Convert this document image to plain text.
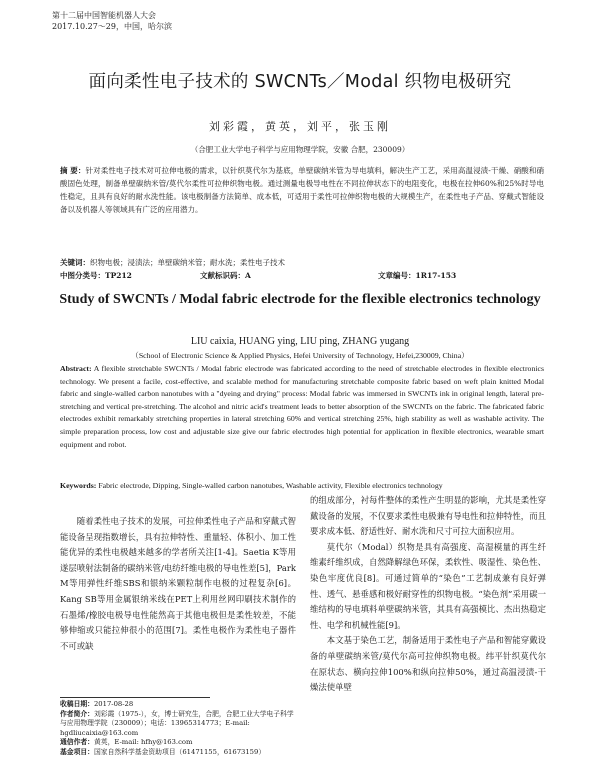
第十二届中国智能机器人大会
2017.10.27～29，中国，哈尔滨
面向柔性电子技术的 SWCNTs／Modal 织物电极研究
刘彩霞，黄英，刘平，张玉刚
（合肥工业大学电子科学与应用物理学院，安徽 合肥，230009）
摘 要：针对柔性电子技术对可拉伸电极的需求，以针织莫代尔为基底，单壁碳纳米管为导电填料，解决生产工艺，采用高温浸渍-干燥、硝酸和硝酸固色处理，制备单壁碳纳米管/莫代尔柔性可拉伸织物电极。通过测量电极导电性在不同拉伸状态下的电阻变化，电极在拉伸60%和25%时导电性稳定，且具有良好的耐水洗性能。该电极制备方法简单、成本低，可适用于柔性可拉伸织物电极的大规模生产，在柔性电子产品、穿戴式智能设备以及机器人等领域具有广泛的应用潜力。
关键词：织物电极；浸渍法；单壁碳纳米管；耐水洗；柔性电子技术
中图分类号：TP212	文献标识码：A	文章编号：1R17-153
Study of SWCNTs / Modal fabric electrode for the flexible electronics technology
LIU caixia, HUANG ying, LIU ping, ZHANG yugang
（School of Electronic Science & Applied Physics, Hefei University of Technology, Hefei,230009, China）
Abstract: A flexible stretchable SWCNTs / Modal fabric electrode was fabricated according to the need of stretchable electrodes in flexible electronics technology. We present a facile, cost-effective, and scalable method for manufacturing stretchable composite fabric based on weft plain knitted Modal fabric and single-walled carbon nanotubes with a "dyeing and drying" process: Modal fabric was immersed in SWCNTs ink in original length, lateral pre-stretching and vertical pre-stretching. The alcohol and nitric acid's treatment leads to better absorption of the SWCNTs on the fabric. The fabricated fabric electrodes exhibit remarkably stretching properties in lateral stretching 60% and vertical stretching 25%, high stability as well as washable activity. The simple preparation process, low cost and adjustable size give our fabric electrodes high potential for application in flexible electronics, wearable smart equipment and robot.
Keywords: Fabric electrode, Dipping, Single-walled carbon nanotubes, Washable activity, Flexible electronics technology

随着柔性电子技术的发展，可拉伸柔性电子产品和穿戴式智能设备呈现指数增长，具有拉伸特性、重量轻、体积小、加工性能优异的柔性电极越来越多的学者所关注[1-4]。Saetia K等用遂层喷射法制备的碳纳米管/电纺纤维电极的导电性差[5]，Park M等用弹性纤维SBS和银纳米颗粒制作电极的过程复杂[6]。Kang SB等用金属银纳米线在PET上利用丝网印刷技术制作的石墨烯/橡胶电极导电性能然高于其他电极但是柔性较差，不能够伸缩或只能拉伸很小的范围[7]。柔性电极作为柔性电子器件不可或缺

的组成部分，衬每件整体的柔性产生明显的影响，尤其是柔性穿戴设备的发展，不仅要求柔性电极兼有导电性和拉伸特性，而且要求成本低、舒适性好、耐水洗和尺寸可拉大面积应用。

莫代尔（Modal）织物是具有高强度、高湿模量的再生纤维素纤维织成，自然降解绿色环保，柔软性、吸湿性、染色性、染色牢度优良[8]。可通过简单的“染色”工艺制成兼有良好弹性、透气、悬垂感和极好耐穿性的织物电极。“染色剂”采用碳一维结构的导电填料单壁碳纳米管，其具有高强模比、杰出热稳定性、电学和机械性能[9]。

本文基于染色工艺，制备适用于柔性电子产品和智能穿戴设备的单壁碳纳米管/莫代尔高可拉伸织物电极。纬平针织莫代尔在原状态、横向拉伸100%和纵向拉伸50%，通过高温浸渍-干燥法使单壁

收稿日期：2017-08-28
作者简介：刘彩霞（1975-），女，博士研究生，合肥，合肥工业大学电子科学与应用物理学院（230009）；电话：13965314773；E-mail: hgdliucaixia@163.com
通信作者：黄英，E-mail: hfhy@163.com
基金项目：国家自然科学基金资助项目（61471155，61673159）
